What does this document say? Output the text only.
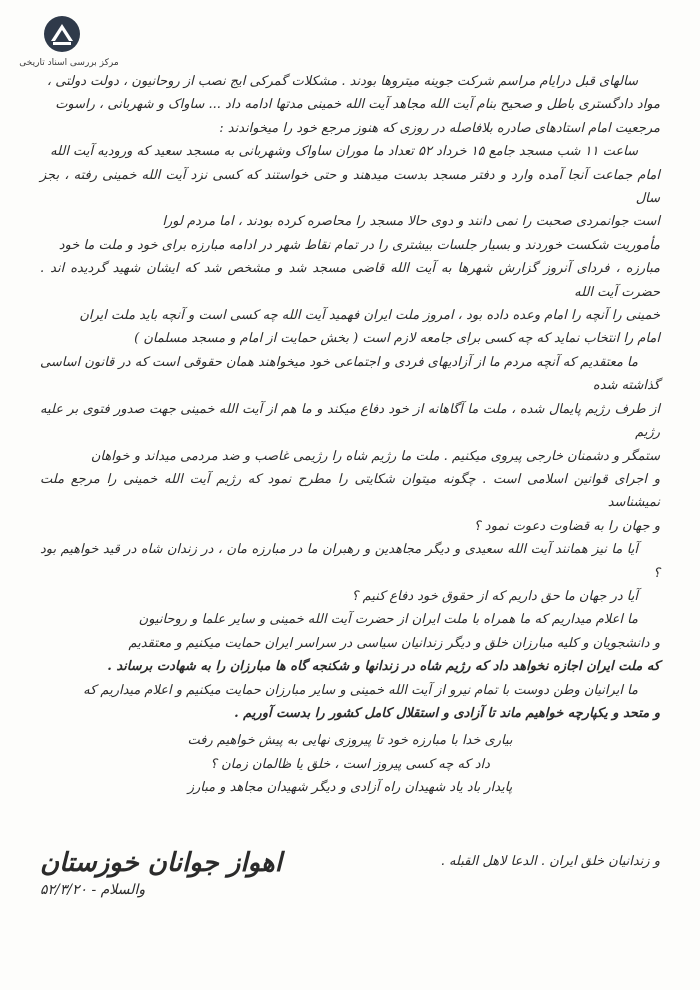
مرکز بررسی اسناد تاریخی

سالهای قبل درایام مراسم شرکت جوینه میتروها بودند . مشکلات گمرکی ایج نصب از روحانیون ، دولت دولتی ،

مواد دادگستری باطل و صحیح بنام آیت الله مجاهد آیت الله خمینی مدتها ادامه داد ... ساواک و شهربانی ، راسوت

مرجعیت امام استادهای صادره بلافاصله در روزی که هنوز مرجع خود را میخواندند :

ساعت ۱۱ شب مسجد جامع ۱۵ خرداد ۵۲ تعداد ما موران ساواک وشهربانی به مسجد سعید که ورودیه آیت الله

امام جماعت آنجا آمده وارد و دفتر مسجد بدست میدهند و حتی خواستند که کسی نزد آیت الله خمینی رفته ، بجز سال

است جوانمردی صحبت را نمی دانند و دوی حالا مسجد را محاصره کرده بودند ، اما مردم لورا

مأموریت شکست خوردند و بسیار جلسات بیشتری را در تمام نقاط شهر در ادامه مبارزه برای خود و ملت ما خود

مبارزه ، فردای آنروز گزارش شهرها به آیت الله قاضی مسجد شد و مشخص شد که ایشان شهید گردیده اند . حضرت آیت الله

خمینی را آنچه را امام وعده داده بود ، امروز ملت ایران فهمید آیت الله چه کسی است و آنچه باید ملت ایران

امام را انتخاب نماید که چه کسی برای جامعه لازم است ( بخش حمایت از امام و مسجد مسلمان )

ما معتقدیم که آنچه مردم ما از آزادیهای فردی و اجتماعی خود میخواهند همان حقوقی است که در قانون اساسی گذاشته شده

از طرف رژیم پایمال شده ، ملت ما آگاهانه از خود دفاع میکند و ما هم از آیت الله خمینی جهت صدور فتوی بر علیه رژیم

ستمگر و دشمنان خارجی پیروی میکنیم . ملت ما رژیم شاه را رژیمی غاصب و ضد مردمی میداند و خواهان

و اجرای قوانین اسلامی است . چگونه میتوان شکایتی را مطرح نمود که رژیم آیت الله خمینی را مرجع ملت نمیشناسد

و جهان را به قضاوت دعوت نمود ؟

آیا ما نیز همانند آیت الله سعیدی و دیگر مجاهدین و رهبران ما در مبارزه مان ، در زندان شاه در قید خواهیم بود ؟

آیا در جهان ما حق داریم که از حقوق خود دفاع کنیم ؟

ما اعلام میداریم که ما همراه با ملت ایران از حضرت آیت الله خمینی و سایر علما و روحانیون

و دانشجویان و کلیه مبارزان خلق و دیگر زندانیان سیاسی در سراسر ایران حمایت میکنیم و معتقدیم

که ملت ایران اجازه نخواهد داد که رژیم شاه در زندانها و شکنجه گاه ها مبارزان را به شهادت برساند .

ما ایرانیان وطن دوست با تمام نیرو از آیت الله خمینی و سایر مبارزان حمایت میکنیم و اعلام میداریم که

و متحد و یکپارچه خواهیم ماند تا آزادی و استقلال کامل کشور را بدست آوریم .

بیاری خدا با مبارزه خود تا پیروزی نهایی به پیش خواهیم رفت

داد که چه کسی پیروز است ، خلق یا ظالمان زمان ؟

پایدار باد یاد شهیدان راه آزادی و دیگر شهیدان مجاهد و مبارز

و زندانیان خلق ایران . الدعا لاهل القبله .
اهواز جوانان خوزستان
والسلام - ۵۲/۳/۲۰
